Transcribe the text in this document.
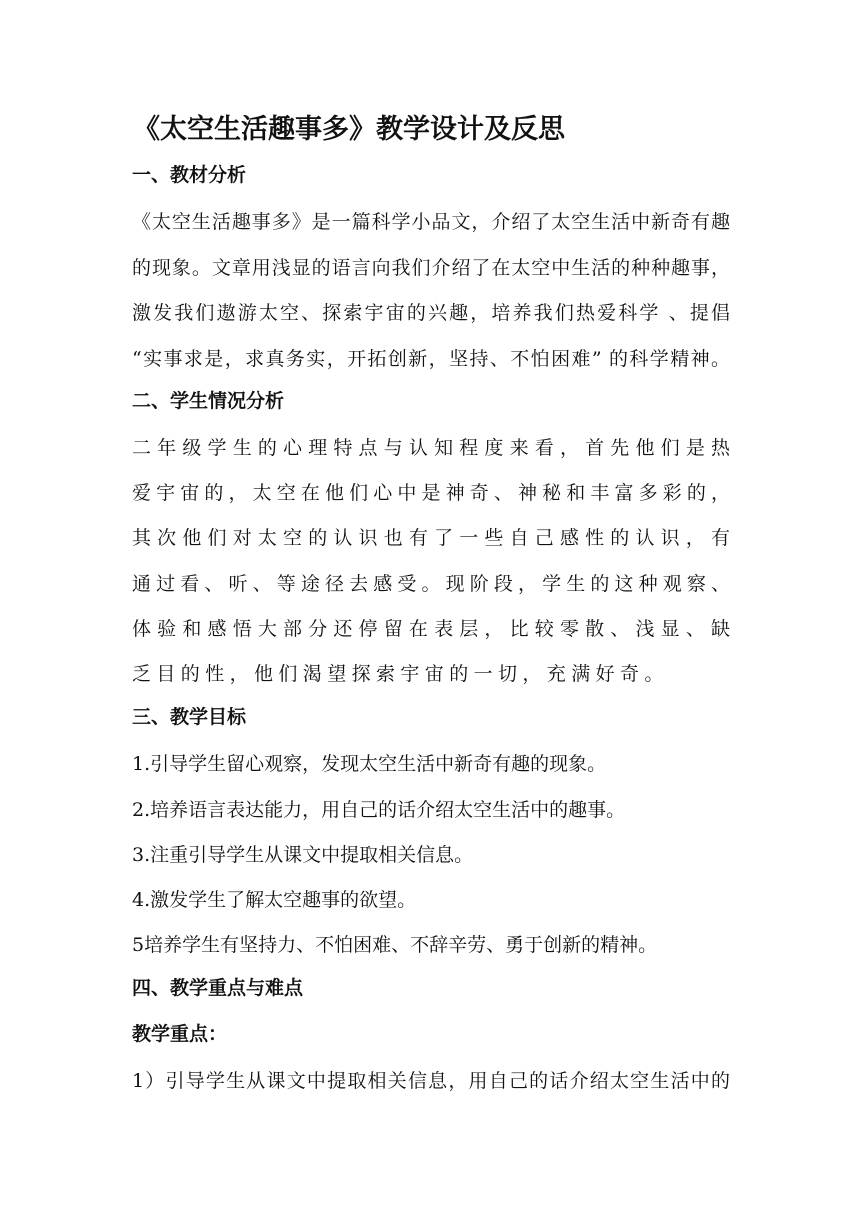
《太空生活趣事多》教学设计及反思
一、教材分析
《太空生活趣事多》是一篇科学小品文，介绍了太空生活中新奇有趣
的现象。文章用浅显的语言向我们介绍了在太空中生活的种种趣事，
激发我们遨游太空、探索宇宙的兴趣，培养我们热爱科学 、提倡
“实事求是，求真务实，开拓创新，坚持、不怕困难” 的科学精神。
二、学生情况分析
二年级学生的心理特点与认知程度来看，首先他们是热
爱宇宙的，太空在他们心中是神奇、神秘和丰富多彩的，
其次他们对太空的认识也有了一些自己感性的认识，有
通过看、听、等途径去感受。现阶段，学生的这种观察、
体验和感悟大部分还停留在表层，比较零散、浅显、缺
乏目的性，他们渴望探索宇宙的一切，充满好奇。
三、教学目标
1.引导学生留心观察，发现太空生活中新奇有趣的现象。
2.培养语言表达能力，用自己的话介绍太空生活中的趣事。
3.注重引导学生从课文中提取相关信息。
4.激发学生了解太空趣事的欲望。
5培养学生有坚持力、不怕困难、不辞辛劳、勇于创新的精神。
四、教学重点与难点
教学重点：
1）引导学生从课文中提取相关信息，用自己的话介绍太空生活中的
